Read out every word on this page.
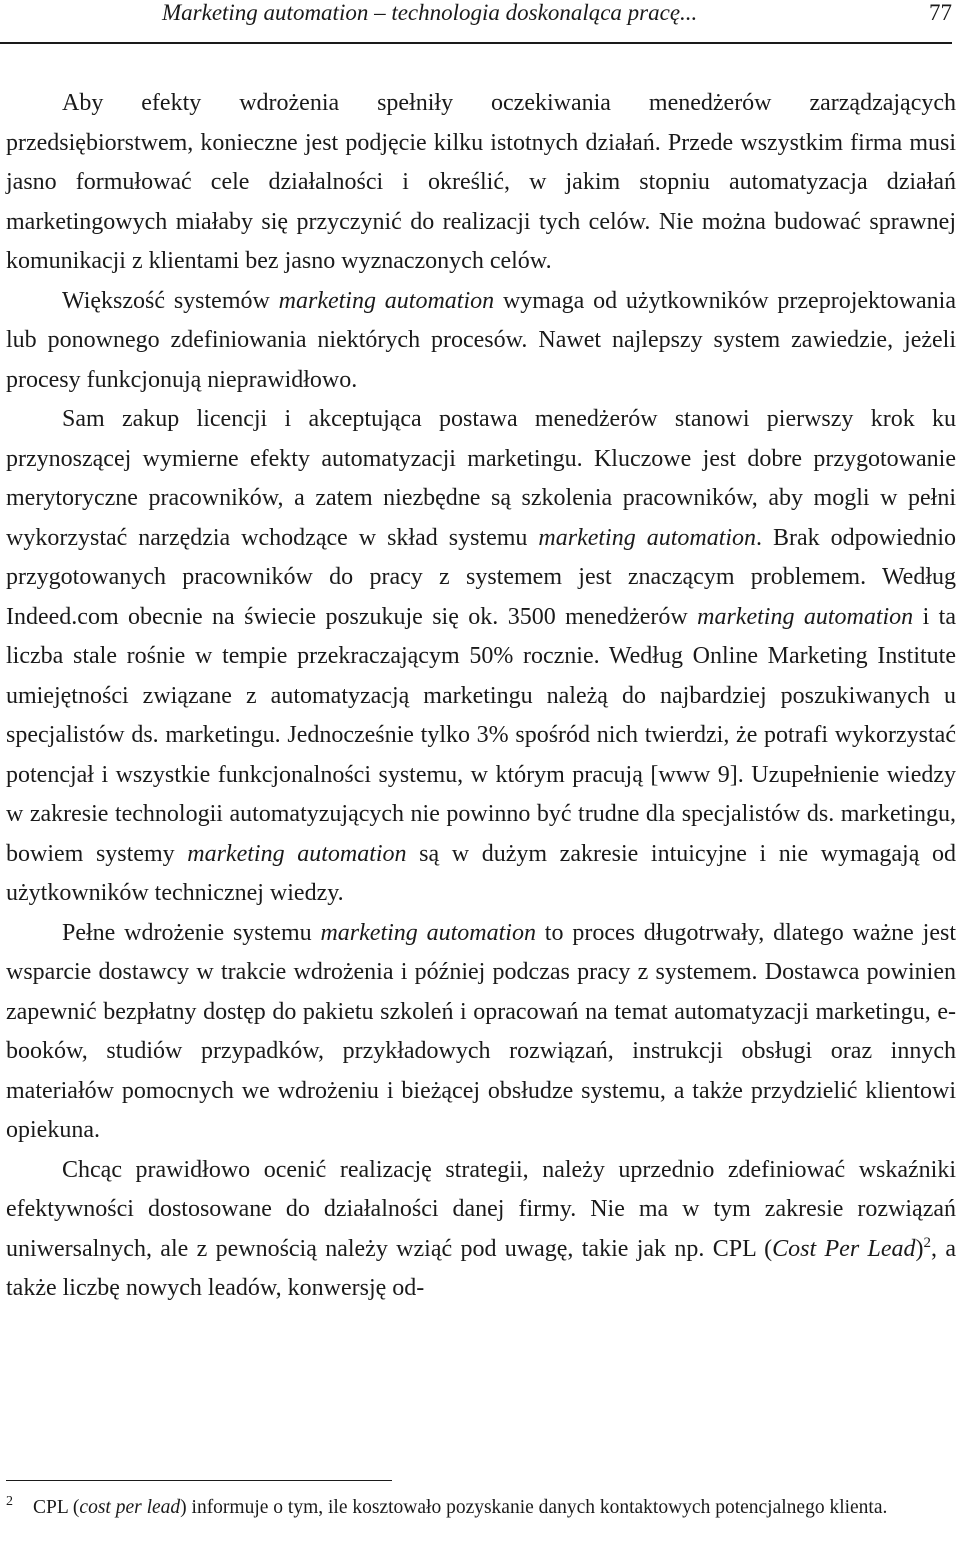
Marketing automation – technologia doskonaląca pracę...	77

Aby efekty wdrożenia spełniły oczekiwania menedżerów zarządzających przedsiębiorstwem, konieczne jest podjęcie kilku istotnych działań. Przede wszystkim firma musi jasno formułować cele działalności i określić, w jakim stopniu automatyzacja działań marketingowych miałaby się przyczynić do realizacji tych celów. Nie można budować sprawnej komunikacji z klientami bez jasno wyznaczonych celów.

Większość systemów marketing automation wymaga od użytkowników przeprojektowania lub ponownego zdefiniowania niektórych procesów. Nawet najlepszy system zawiedzie, jeżeli procesy funkcjonują nieprawidłowo.

Sam zakup licencji i akceptująca postawa menedżerów stanowi pierwszy krok ku przynoszącej wymierne efekty automatyzacji marketingu. Kluczowe jest dobre przygotowanie merytoryczne pracowników, a zatem niezbędne są szkolenia pracowników, aby mogli w pełni wykorzystać narzędzia wchodzące w skład systemu marketing automation. Brak odpowiednio przygotowanych pracowników do pracy z systemem jest znaczącym problemem. Według Indeed.com obecnie na świecie poszukuje się ok. 3500 menedżerów marketing automation i ta liczba stale rośnie w tempie przekraczającym 50% rocznie. Według Online Marketing Institute umiejętności związane z automatyzacją marketingu należą do najbardziej poszukiwanych u specjalistów ds. marketingu. Jednocześnie tylko 3% spośród nich twierdzi, że potrafi wykorzystać potencjał i wszystkie funkcjonalności systemu, w którym pracują [www 9]. Uzupełnienie wiedzy w zakresie technologii automatyzujących nie powinno być trudne dla specjalistów ds. marketingu, bowiem systemy marketing automation są w dużym zakresie intuicyjne i nie wymagają od użytkowników technicznej wiedzy.

Pełne wdrożenie systemu marketing automation to proces długotrwały, dlatego ważne jest wsparcie dostawcy w trakcie wdrożenia i później podczas pracy z systemem. Dostawca powinien zapewnić bezpłatny dostęp do pakietu szkoleń i opracowań na temat automatyzacji marketingu, e-booków, studiów przypadków, przykładowych rozwiązań, instrukcji obsługi oraz innych materiałów pomocnych we wdrożeniu i bieżącej obsłudze systemu, a także przydzielić klientowi opiekuna.

Chcąc prawidłowo ocenić realizację strategii, należy uprzednio zdefiniować wskaźniki efektywności dostosowane do działalności danej firmy. Nie ma w tym zakresie rozwiązań uniwersalnych, ale z pewnością należy wziąć pod uwagę, takie jak np. CPL (Cost Per Lead)$^2$, a także liczbę nowych leadów, konwersję od-

2 CPL (cost per lead) informuje o tym, ile kosztowało pozyskanie danych kontaktowych potencjalnego klienta.
